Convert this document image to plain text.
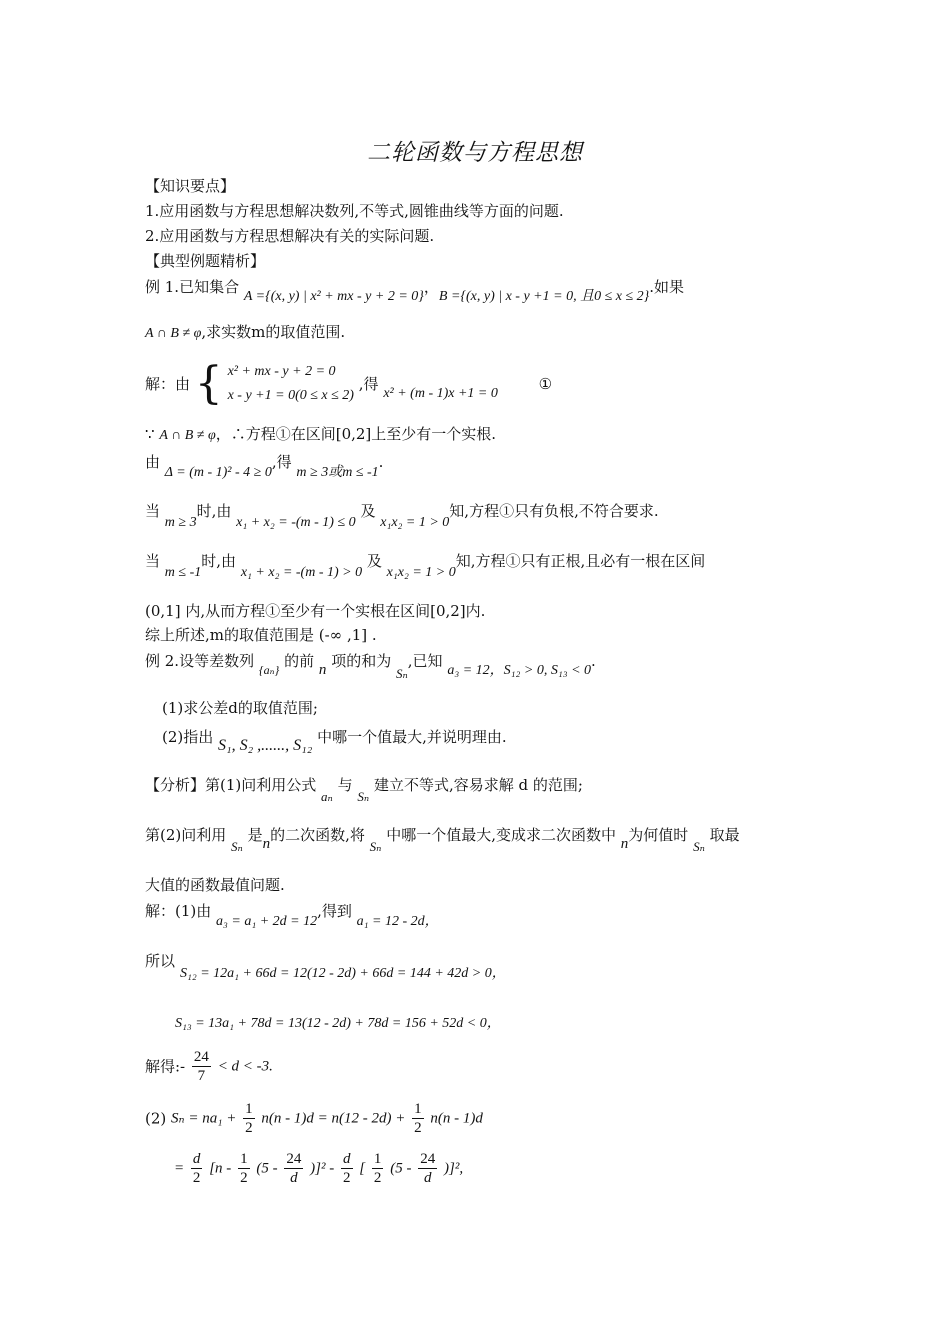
二轮函数与方程思想
【知识要点】
1.应用函数与方程思想解决数列,不等式,圆锥曲线等方面的问题.
2.应用函数与方程思想解决有关的实际问题.
【典型例题精析】
例 1.已知集合 A ={(x, y) | x² + mx - y + 2 = 0}，B ={(x, y) | x - y +1 = 0, 且0 ≤ x ≤ 2}.如果
A ∩ B ≠ φ,求实数m的取值范围.
解：由 { x² + mx - y + 2 = 0
x - y +1 = 0(0 ≤ x ≤ 2)
,得 x² + (m - 1)x +1 = 0 ①
∵ A ∩ B ≠ φ，∴方程①在区间[0,2]上至少有一个实根.
由 Δ = (m - 1)² - 4 ≥ 0,得 m ≥ 3或m ≤ -1.
当 m ≥ 3时,由 x₁ + x₂ = -(m - 1) ≤ 0 及 x₁x₂ = 1 > 0知,方程①只有负根,不符合要求.
当 m ≤ -1时,由 x₁ + x₂ = -(m - 1) > 0 及 x₁x₂ = 1 > 0知,方程①只有正根,且必有一根在区间
(0,1] 内,从而方程①至少有一个实根在区间[0,2]内.
综上所述,m的取值范围是 (-∞ ,1] .
例 2.设等差数列 $_{\{a_n\}}$ 的前 n 项的和为 Sₙ,已知 a₃ = 12，S₁₂ > 0, S₁₃ < 0.
(1)求公差d的取值范围;
(2)指出 S₁, S₂ ,......, S₁₂ 中哪一个值最大,并说明理由.
【分析】第(1)问利用公式 aₙ 与 Sₙ 建立不等式,容易求解 d 的范围;
第(2)问利用 Sₙ 是n的二次函数,将 Sₙ 中哪一个值最大,变成求二次函数中 n为何值时 Sₙ 取最
大值的函数最值问题.
解：(1)由 a₃ = a₁ + 2d = 12,得到 a₁ = 12 - 2d，
所以
S₁₂ = 12a₁ + 66d = 12(12 - 2d) + 66d = 144 + 42d > 0，
S₁₃ = 13a₁ + 78d = 13(12 - 2d) + 78d = 156 + 52d < 0，
解得:- $\frac{24}{7} < d < -3$.
(2) $S_n = na_1 + \frac{1}{2} n(n - 1)d = n(12 - 2d) + \frac{1}{2} n(n - 1)d$
= $\frac{d}{2} [n - \frac{1}{2} (5 - \frac{24}{d} )]^2 - \frac{d}{2}$ [ $\frac{1}{2} (5 - \frac{24}{d} )]^2$,
